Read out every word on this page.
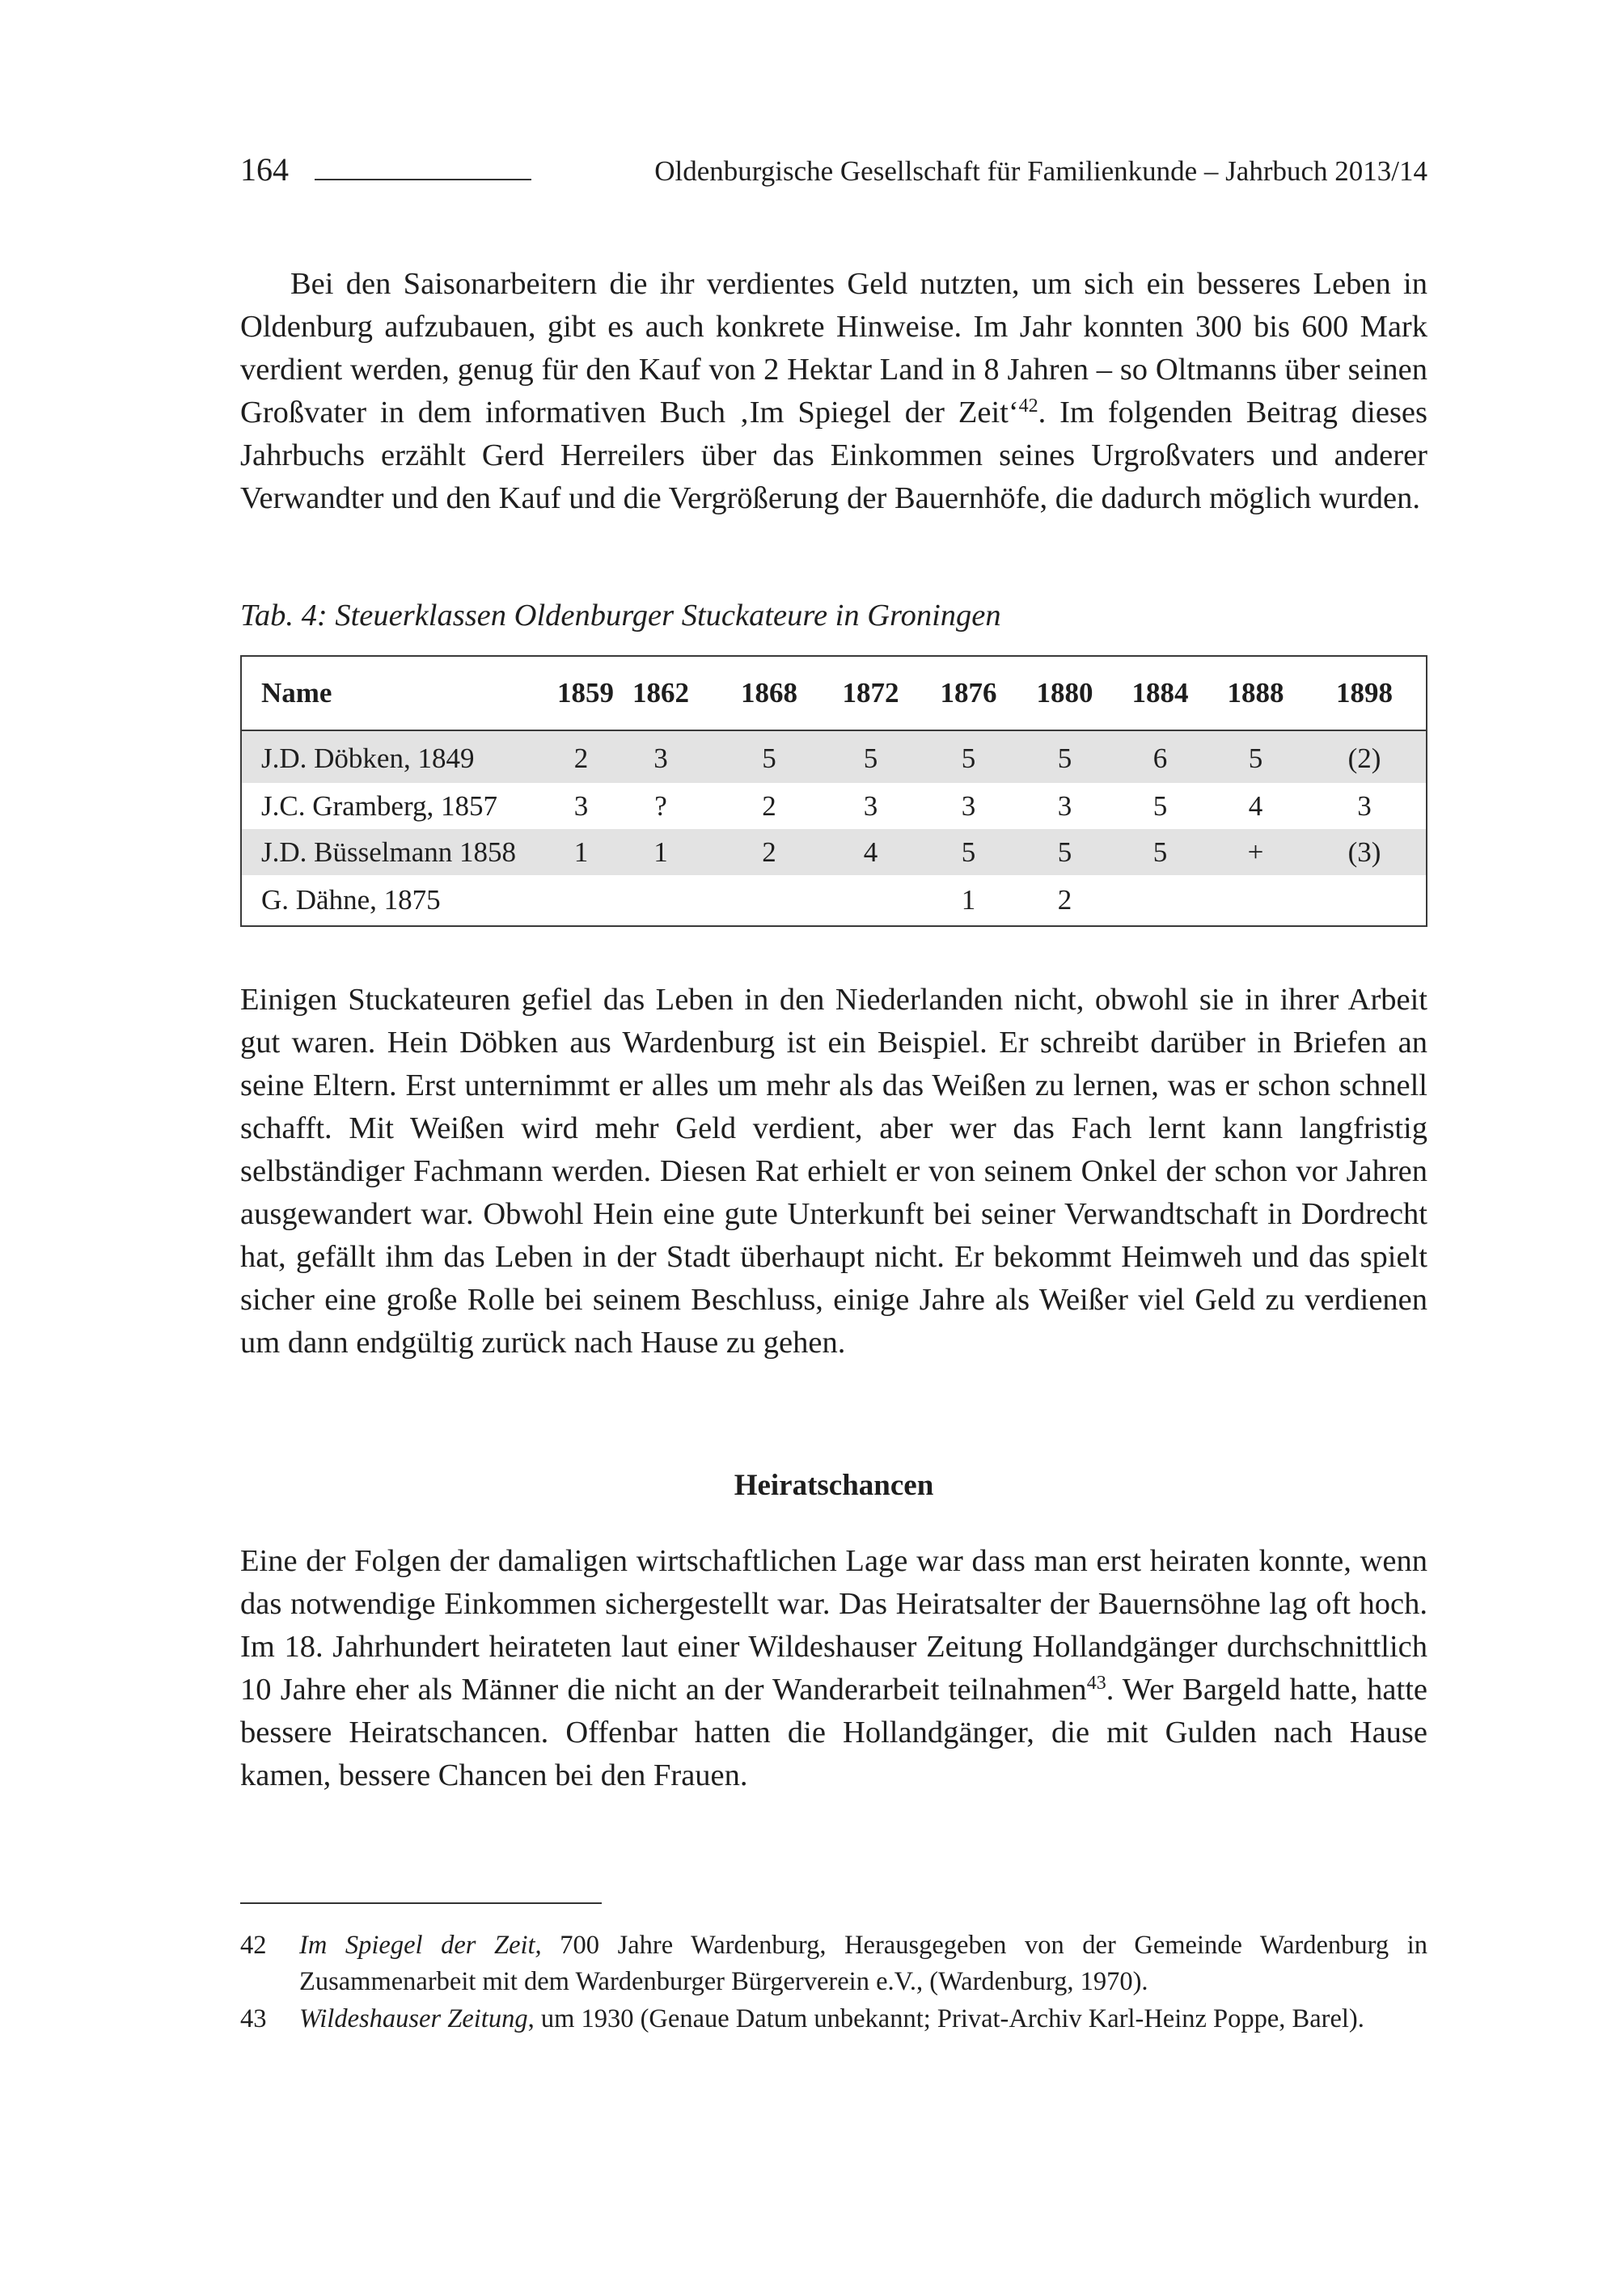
164	Oldenburgische Gesellschaft für Familienkunde – Jahrbuch 2013/14

Bei den Saisonarbeitern die ihr verdientes Geld nutzten, um sich ein besseres Leben in Oldenburg aufzubauen, gibt es auch konkrete Hinweise. Im Jahr konnten 300 bis 600 Mark verdient werden, genug für den Kauf von 2 Hektar Land in 8 Jahren – so Oltmanns über seinen Großvater in dem informativen Buch ‚Im Spiegel der Zeit‘$^{42}$. Im folgenden Beitrag dieses Jahrbuchs erzählt Gerd Herreilers über das Einkommen seines Urgroßvaters und anderer Verwandter und den Kauf und die Vergrößerung der Bauernhöfe, die dadurch möglich wurden.

Tab. 4: Steuerklassen Oldenburger Stuckateure in Groningen
Name	1859	1862	1868	1872	1876	1880	1884	1888	1898
J.D. Döbken, 1849	2	3	5	5	5	5	6	5	(2)
J.C. Gramberg, 1857	3	?	2	3	3	3	5	4	3
J.D. Büsselmann 1858	1	1	2	4	5	5	5	+	(3)
G. Dähne, 1875					1	2			

Einigen Stuckateuren gefiel das Leben in den Niederlanden nicht, obwohl sie in ihrer Arbeit gut waren. Hein Döbken aus Wardenburg ist ein Beispiel. Er schreibt darüber in Briefen an seine Eltern. Erst unternimmt er alles um mehr als das Weißen zu lernen, was er schon schnell schafft. Mit Weißen wird mehr Geld verdient, aber wer das Fach lernt kann langfristig selbständiger Fachmann werden. Diesen Rat erhielt er von seinem Onkel der schon vor Jahren ausgewandert war. Obwohl Hein eine gute Unterkunft bei seiner Verwandtschaft in Dordrecht hat, gefällt ihm das Leben in der Stadt überhaupt nicht. Er bekommt Heimweh und das spielt sicher eine große Rolle bei seinem Beschluss, einige Jahre als Weißer viel Geld zu verdienen um dann endgültig zurück nach Hause zu gehen.

Heiratschancen

Eine der Folgen der damaligen wirtschaftlichen Lage war dass man erst heiraten konnte, wenn das notwendige Einkommen sichergestellt war. Das Heiratsalter der Bauernsöhne lag oft hoch. Im 18. Jahrhundert heirateten laut einer Wildeshauser Zeitung Hollandgänger durchschnittlich 10 Jahre eher als Männer die nicht an der Wanderarbeit teilnahmen$^{43}$. Wer Bargeld hatte, hatte bessere Heiratschancen. Offenbar hatten die Hollandgänger, die mit Gulden nach Hause kamen, bessere Chancen bei den Frauen.

42	Im Spiegel der Zeit, 700 Jahre Wardenburg, Herausgegeben von der Gemeinde Wardenburg in Zusammenarbeit mit dem Wardenburger Bürgerverein e.V., (Wardenburg, 1970).
43	Wildeshauser Zeitung, um 1930 (Genaue Datum unbekannt; Privat-Archiv Karl-Heinz Poppe, Barel).
